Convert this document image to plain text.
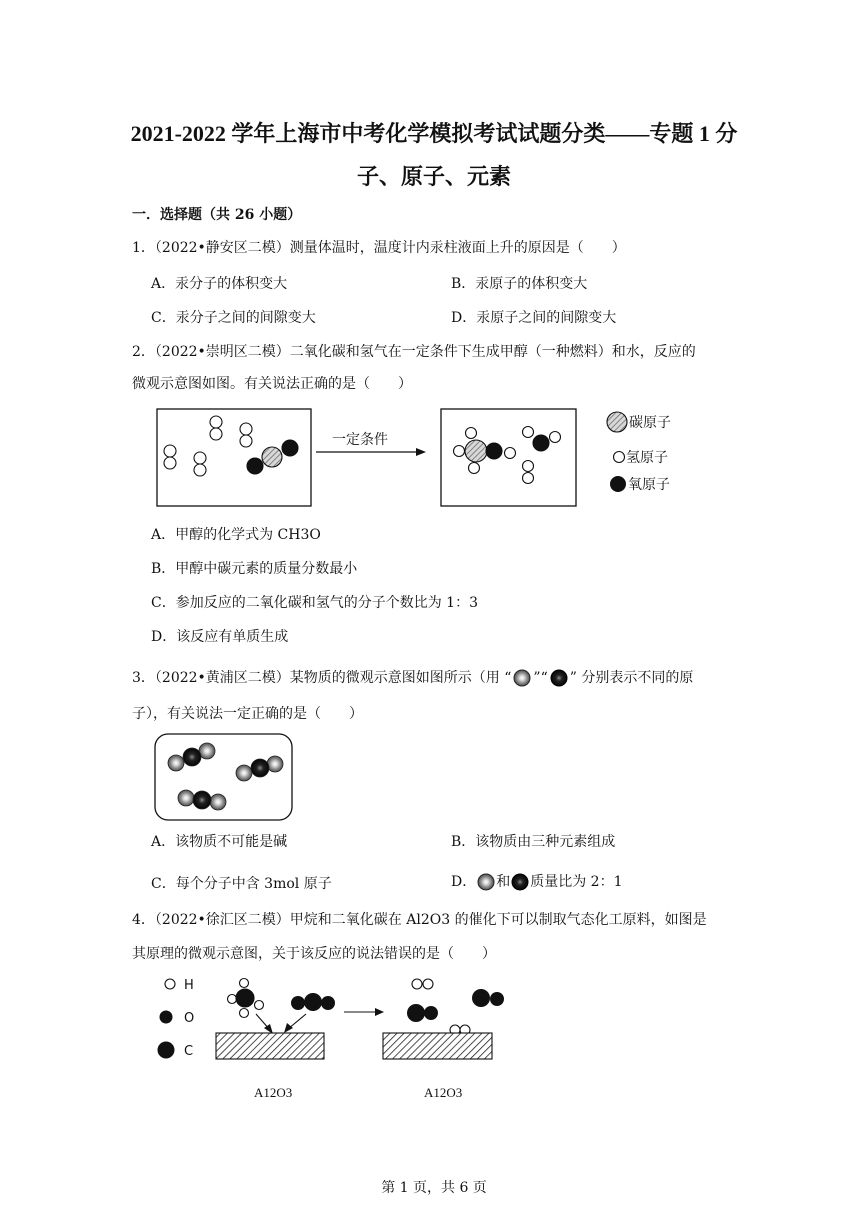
2021-2022 学年上海市中考化学模拟考试试题分类——专题 1 分
子、原子、元素
一．选择题（共 26 小题）
1．（2022•静安区二模）测量体温时，温度计内汞柱液面上升的原因是（　　）
A．汞分子的体积变大	B．汞原子的体积变大
C．汞分子之间的间隙变大	D．汞原子之间的间隙变大
2．（2022•崇明区二模）二氧化碳和氢气在一定条件下生成甲醇（一种燃料）和水，反应的
微观示意图如图。有关说法正确的是（　　）
一定条件
碳原子
氢原子
氧原子
A．甲醇的化学式为 CH3O
B．甲醇中碳元素的质量分数最小
C．参加反应的二氧化碳和氢气的分子个数比为 1：3
D．该反应有单质生成
3．（2022•黄浦区二模）某物质的微观示意图如图所示（用 “ ”“ ” 分别表示不同的原
子），有关说法一定正确的是（　　）
A．该物质不可能是碱	B．该物质由三种元素组成
C．每个分子中含 3mol 原子	D． 和 质量比为 2：1
4．（2022•徐汇区二模）甲烷和二氧化碳在 Al2O3 的催化下可以制取气态化工原料，如图是
其原理的微观示意图，关于该反应的说法错误的是（　　）
H
O
C
A12O3	A12O3
第 1 页，共 6 页
